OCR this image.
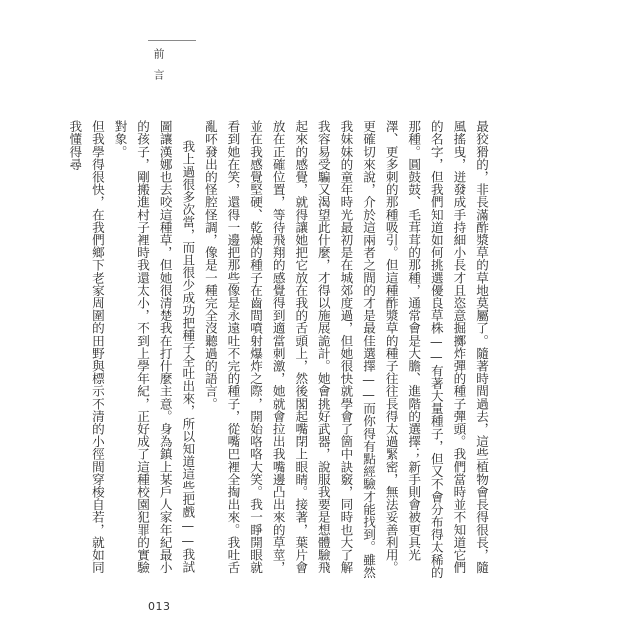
前言

最狡猾的，非長滿酢漿草的草地莫屬了。隨著時間過去，這些植物會長得很長，隨風搖曳，迸發成手持細小長才且恣意掘擲炸彈的種子彈頭。我們當時並不知道它們的名字，但我們知道如何挑選優良草株——有著大量種子，但又不會分布得太稀的那種。圓鼓鼓、毛茸茸的那種，通常會是大膽、進階的選擇；新手則會被更具光澤、更多刺的那種吸引。但這種酢漿草的種子往往長得太過緊密，無法妥善利用。更確切來說，介於這兩者之間的才是最佳選擇——而你得有點經驗才能找到。雖然我妹妹的童年時光最初是在城郊度過，但她很快就學會了箇中訣竅，同時也大了解我容易受騙又渴望此什麼，才得以施展詭計。她會挑好武器，說服我要是想體驗飛起來的感覺，就得讓她把它放在我的舌頭上，然後閣起嘴閉上眼睛。接著，葉片會放在正確位置，等待飛翔的感覺得到適當刺激，她就會拉出我嘴邊凸出來的草莖，並在我感覺堅硬、乾燥的種子在齒間噴射爆炸之際，開始咯咯大笑。我一睜開眼就看到她在笑，還得一邊把那些像是永遠吐不完的種子，從嘴巴裡全掏出來。我吐舌亂吥發出的怪腔怪調，像是一種完全沒聽過的語言。

我上過很多次當，而且很少成功把種子全吐出來，所以知道這些把戲——我試圖讓漢娜也去咬這種草，但她很清楚我在打什麼主意。身為鎮上某戶人家年紀最小的孩子，剛搬進村子裡時我還太小，不到上學年紀，正好成了這種校園犯罪的實驗對象。

但我學得很快，在我們鄉下老家周圍的田野與標示不清的小徑間穿梭自若，就如同我懂得尋

013
